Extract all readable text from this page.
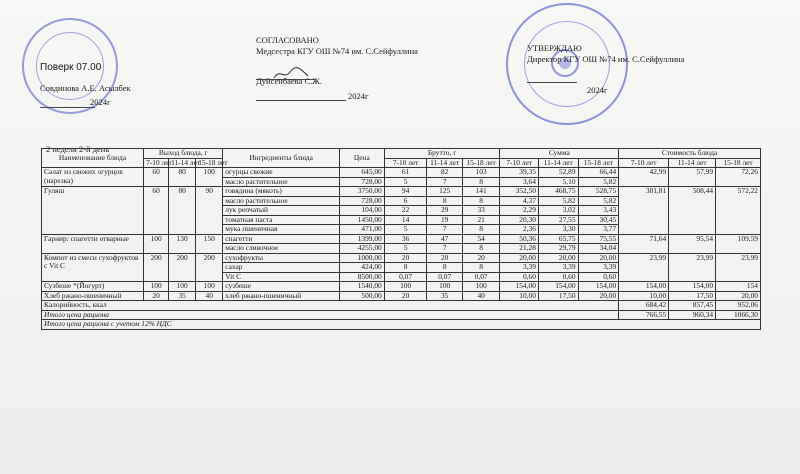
Поверк 07.00
Совдинова А.Е. Асылбек
2024г
СОГЛАСОВАНО
Медсестра КГУ ОШ №74 им. С.Сейфуллина

Дуйсенбаева С.Ж.
2024г
УТВЕРЖДАЮ
Директор КГУ ОШ №74 им. С.Сейфуллина
2024г
2 неделя 2-й день
Наименование блюда	Выход блюда, г			Ингредиенты блюда	Цена	Брутто, г			Сумма			Стоимость блюда		
	7-10 лет	11-14 лет	15-18 лет			7-10 лет	11-14 лет	15-18 лет	7-10 лет	11-14 лет	15-18 лет	7-10 лет	11-14 лет	15-18 лет
Салат из свежих огурцов (нарезка)	60	80	100	огурцы свежие	645,00	61	82	103	39,35	52,89	66,44	42,99	57,99	72,26
				масло растительное	728,00	5	7	8	3,64	5,10	5,82			
Гуляш	60	80	90	говядина (мякоть)	3750,00	94	125	141	352,50	468,75	528,75	381,81	508,44	572,22
				масло растительное	728,00	6	8	8	4,37	5,82	5,82			
				лук репчатый	104,00	22	29	33	2,29	3,02	3,43			
				томатная паста	1450,00	14	19	21	20,30	27,55	30,45			
				мука пшеничная	471,00	5	7	8	2,36	3,30	3,77			
Гарнир: спагетти отварные	100	130	150	спагетти	1399,00	36	47	54	50,36	65,75	75,55	71,64	95,54	109,59
				масло сливочное	4255,00	5	7	8	21,28	29,79	34,04			
Компот из смеси сухофруктов с Vit C	200	200	200	сухофрукты	1000,00	20	20	20	20,00	20,00	20,00	23,99	23,99	23,99
				сахар	424,00	8	8	8	3,39	3,39	3,39			
				Vit C	8500,00	0,07	0,07	0,07	0,60	0,60	0,60			
Сузбеше *(Йогурт)	100	100	100	сузбеше	1540,00	100	100	100	154,00	154,00	154,00	154,00	154,00	154
Хлеб ржано-пшеничный	20	35	40	хлеб ржано-пшеничный	500,00	20	35	40	10,00	17,50	20,00	10,00	17,50	20,00
Калорийность, ккал												684,42	857,45	952,06
Итого цена рациона												766,55	960,34	1066,30
Итого цена рациона с учетом 12% НДС														
